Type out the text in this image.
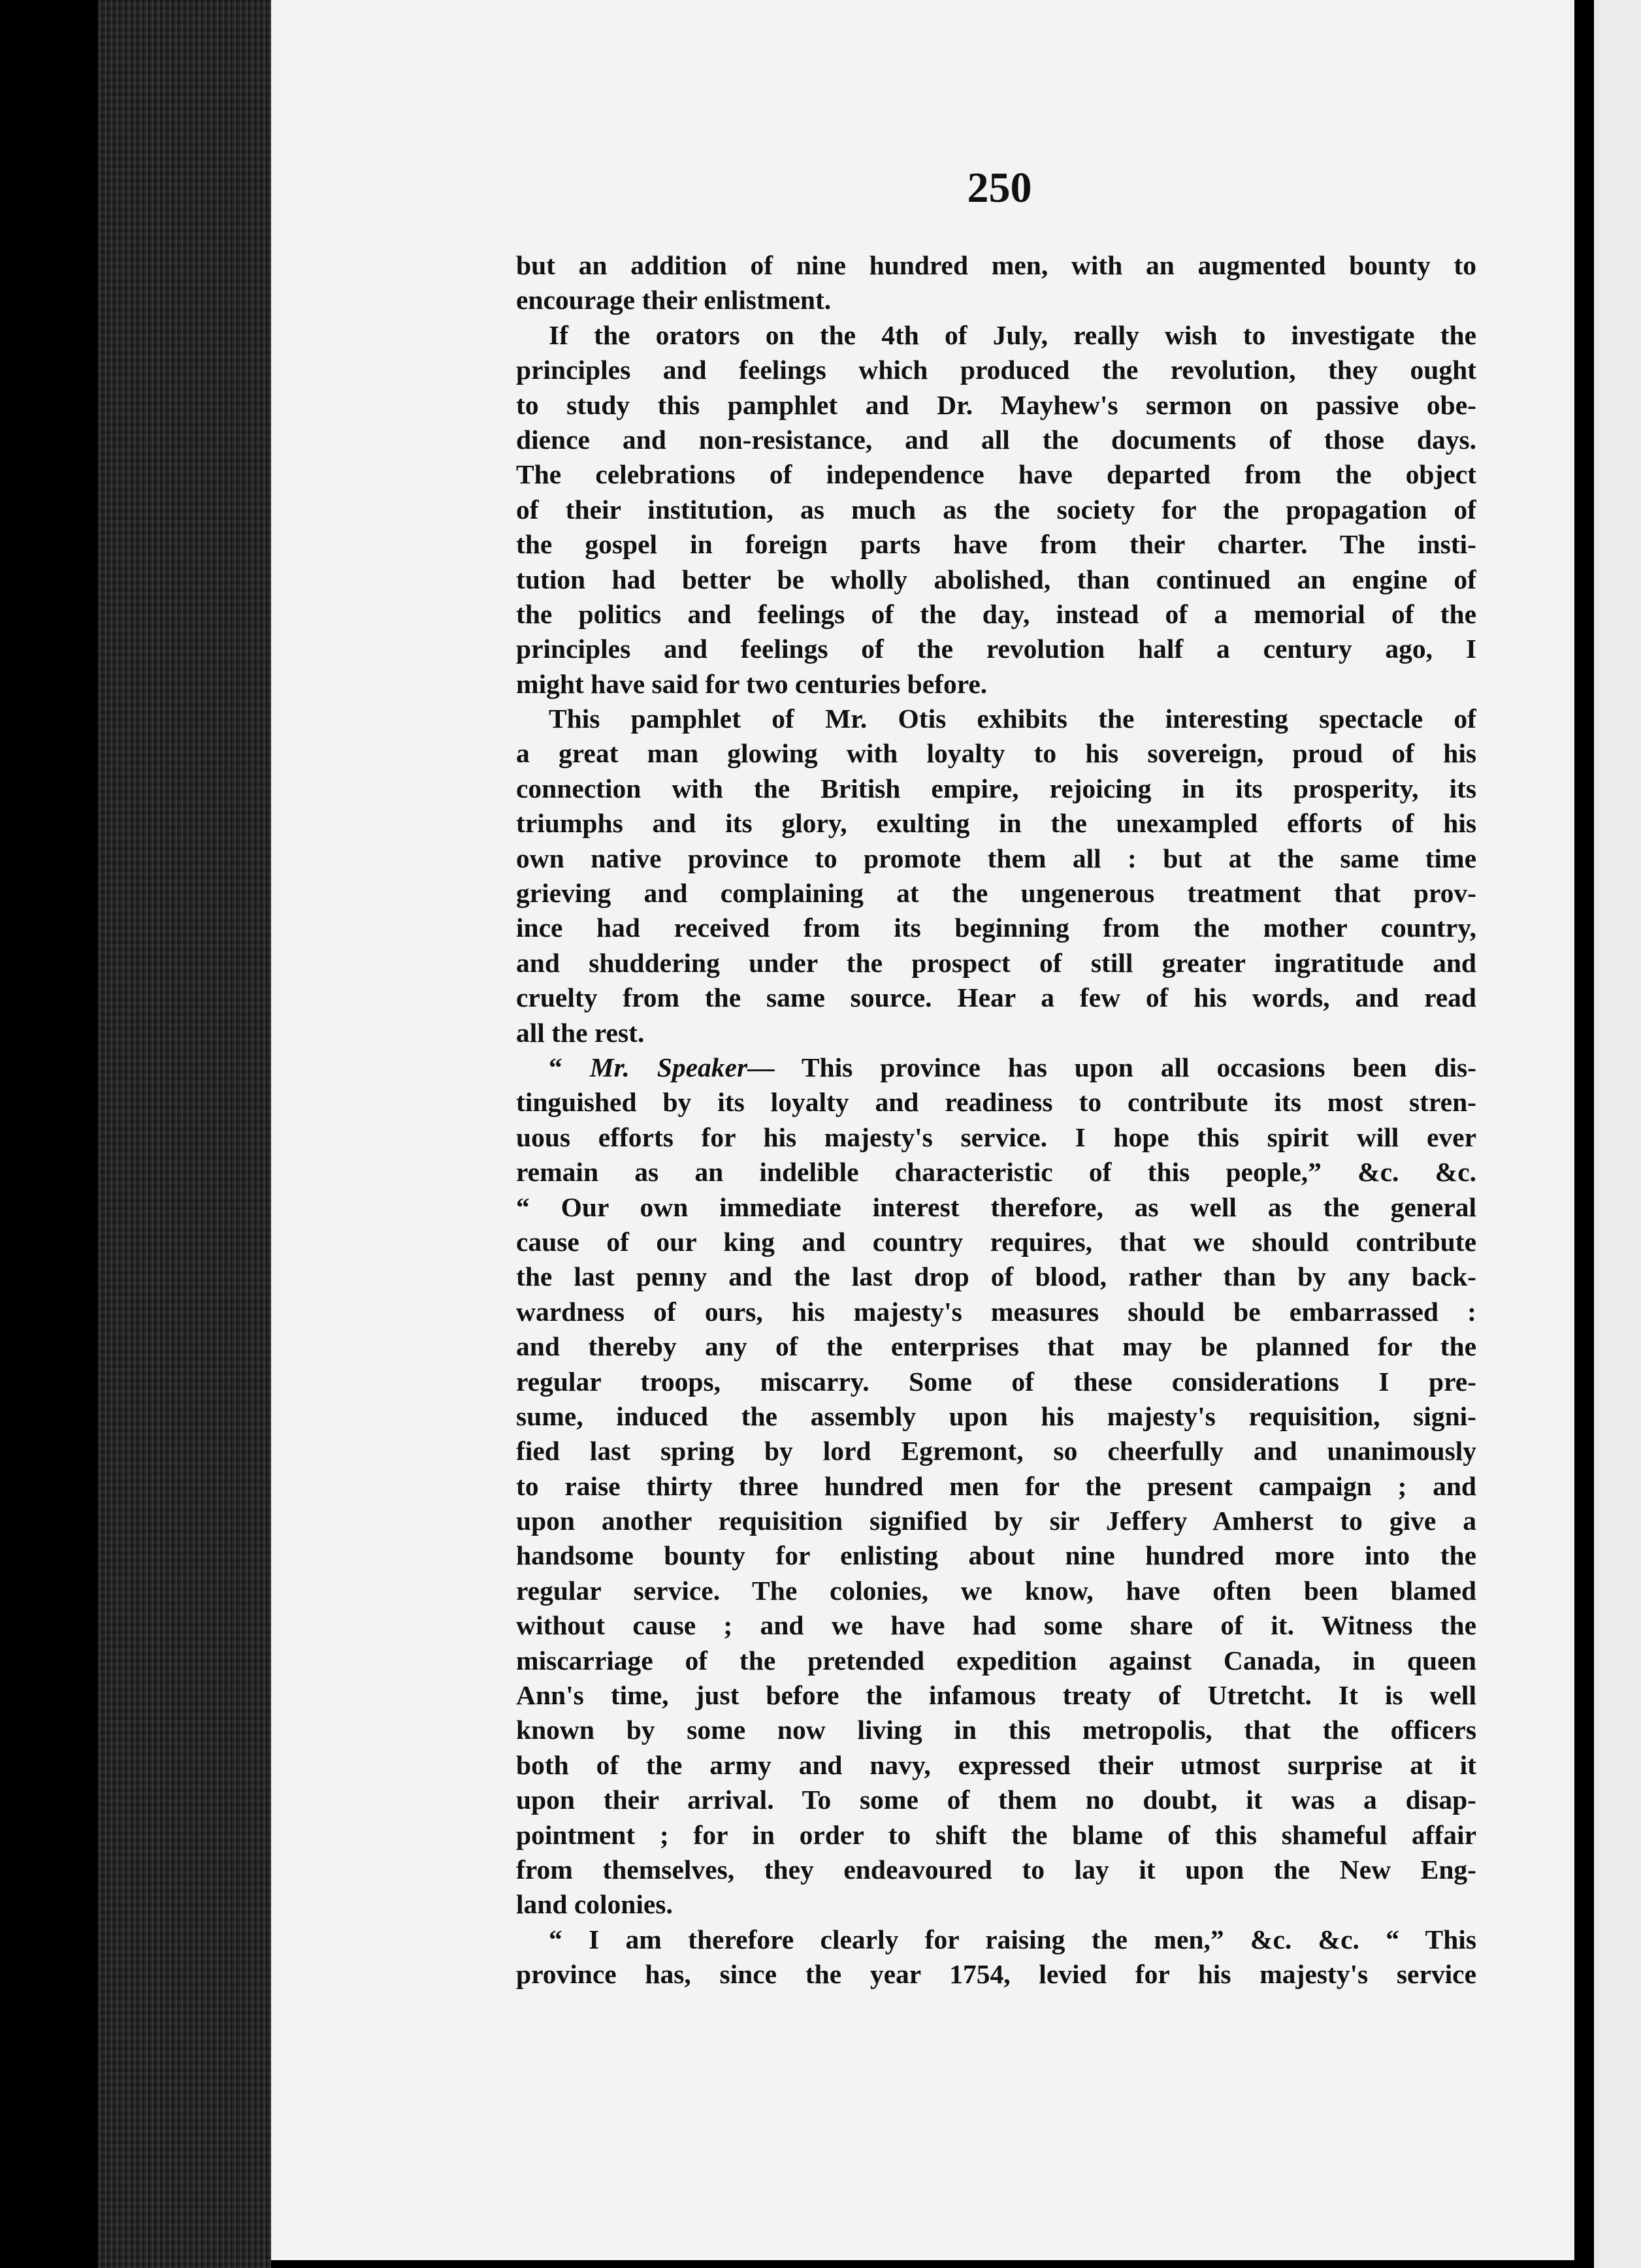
250
but an addition of nine hundred men, with an augmented bounty to
encourage their enlistment.
If the orators on the 4th of July, really wish to investigate the
principles and feelings which produced the revolution, they ought
to study this pamphlet and Dr. Mayhew's sermon on passive obe-
dience and non-resistance, and all the documents of those days.
The celebrations of independence have departed from the object
of their institution, as much as the society for the propagation of
the gospel in foreign parts have from their charter. The insti-
tution had better be wholly abolished, than continued an engine of
the politics and feelings of the day, instead of a memorial of the
principles and feelings of the revolution half a century ago, I
might have said for two centuries before.
This pamphlet of Mr. Otis exhibits the interesting spectacle of
a great man glowing with loyalty to his sovereign, proud of his
connection with the British empire, rejoicing in its prosperity, its
triumphs and its glory, exulting in the unexampled efforts of his
own native province to promote them all : but at the same time
grieving and complaining at the ungenerous treatment that prov-
ince had received from its beginning from the mother country,
and shuddering under the prospect of still greater ingratitude and
cruelty from the same source. Hear a few of his words, and read
all the rest.
“ Mr. Speaker— This province has upon all occasions been dis-
tinguished by its loyalty and readiness to contribute its most stren-
uous efforts for his majesty's service. I hope this spirit will ever
remain as an indelible characteristic of this people,” &c. &c.
“ Our own immediate interest therefore, as well as the general
cause of our king and country requires, that we should contribute
the last penny and the last drop of blood, rather than by any back-
wardness of ours, his majesty's measures should be embarrassed :
and thereby any of the enterprises that may be planned for the
regular troops, miscarry. Some of these considerations I pre-
sume, induced the assembly upon his majesty's requisition, signi-
fied last spring by lord Egremont, so cheerfully and unanimously
to raise thirty three hundred men for the present campaign ; and
upon another requisition signified by sir Jeffery Amherst to give a
handsome bounty for enlisting about nine hundred more into the
regular service. The colonies, we know, have often been blamed
without cause ; and we have had some share of it. Witness the
miscarriage of the pretended expedition against Canada, in queen
Ann's time, just before the infamous treaty of Utretcht. It is well
known by some now living in this metropolis, that the officers
both of the army and navy, expressed their utmost surprise at it
upon their arrival. To some of them no doubt, it was a disap-
pointment ; for in order to shift the blame of this shameful affair
from themselves, they endeavoured to lay it upon the New Eng-
land colonies.
“ I am therefore clearly for raising the men,” &c. &c. “ This
province has, since the year 1754, levied for his majesty's service
